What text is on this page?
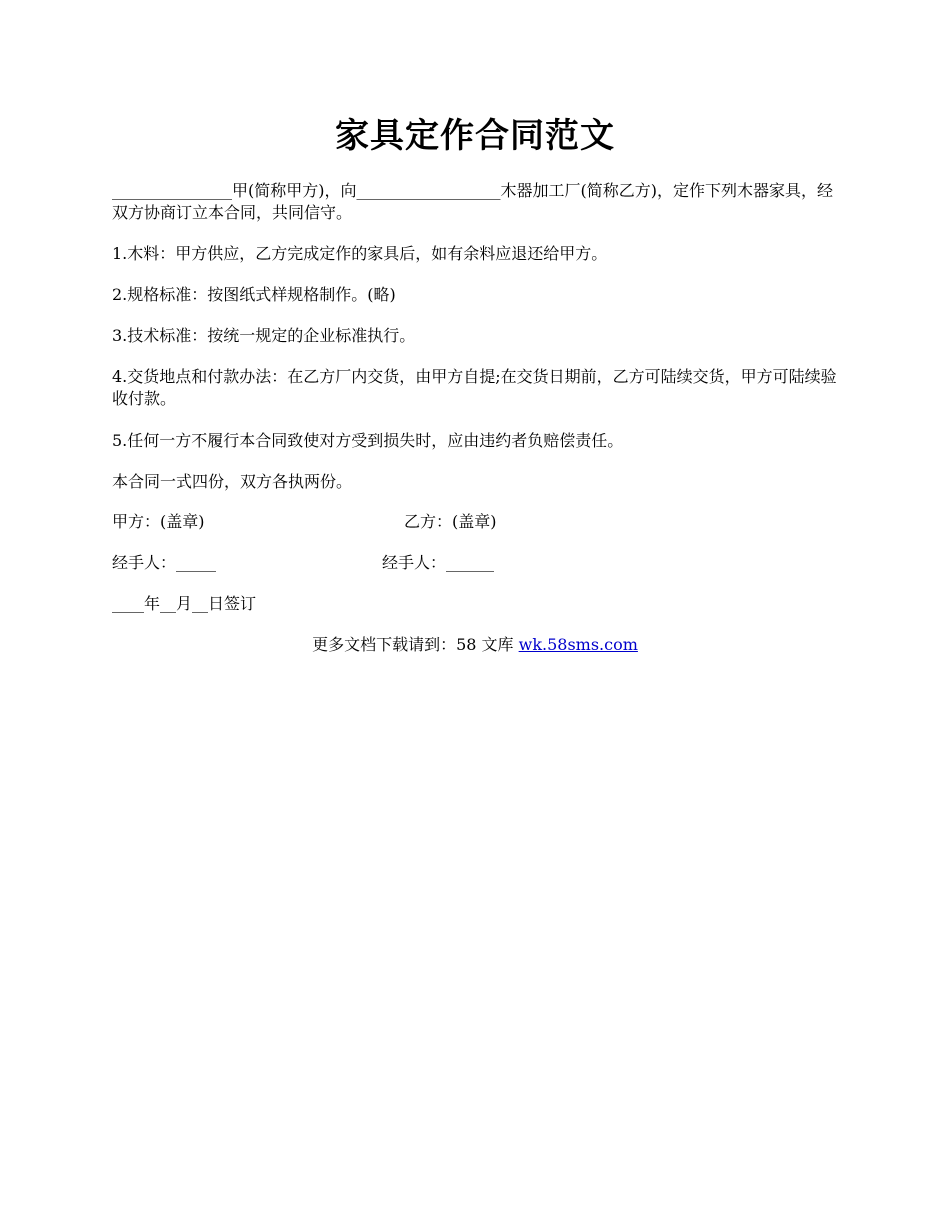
家具定作合同范文
_______________甲(简称甲方)，向__________________木器加工厂(简称乙方)，定作下列木器家具，经双方协商订立本合同，共同信守。
1.木料：甲方供应，乙方完成定作的家具后，如有余料应退还给甲方。
2.规格标准：按图纸式样规格制作。(略)
3.技术标准：按统一规定的企业标准执行。
4.交货地点和付款办法：在乙方厂内交货，由甲方自提;在交货日期前，乙方可陆续交货，甲方可陆续验收付款。
5.任何一方不履行本合同致使对方受到损失时，应由违约者负赔偿责任。
本合同一式四份，双方各执两份。
甲方：(盖章)	乙方：(盖章)
经手人：_____	经手人：______
____年__月__日签订
更多文档下载请到：58 文库 wk.58sms.com
